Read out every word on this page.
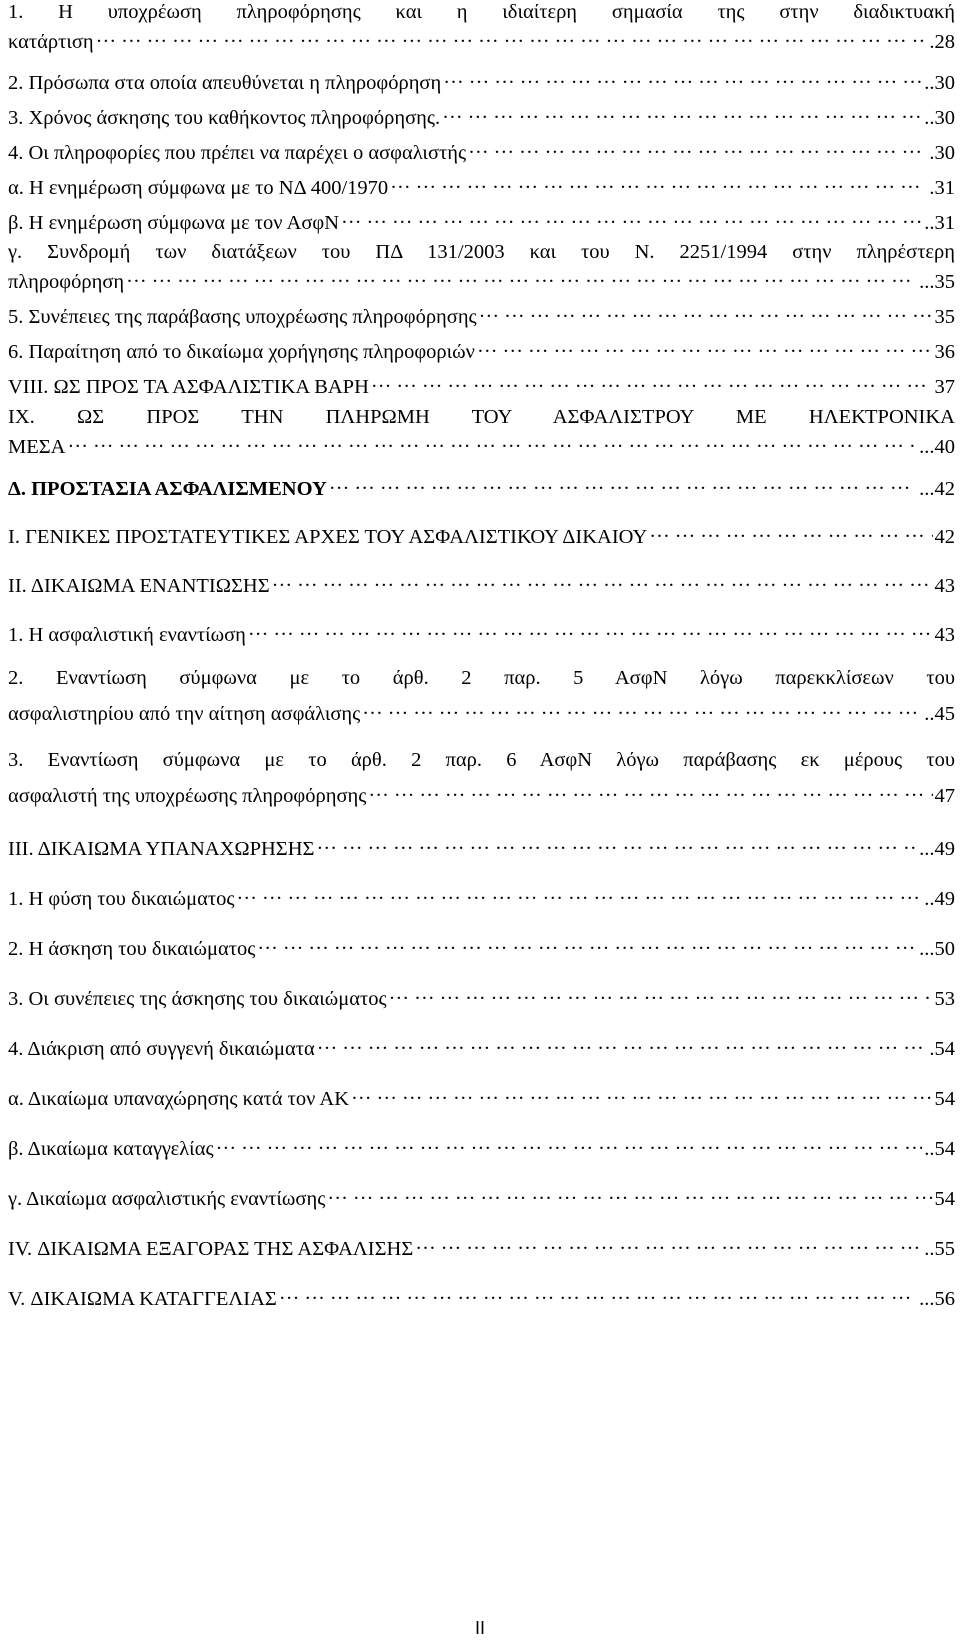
1. Η υποχρέωση πληροφόρησης και η ιδιαίτερη σημασία της στην διαδικτυακή
κατάρτιση …………………………………………………………………………………………………………………………………………………………………………………………………………………	.28
2. Πρόσωπα στα οποία απευθύνεται η πληροφόρηση …………………………………………………………………………………………………………………………………………………………………………………………………………………	..30
3. Χρόνος άσκησης του καθήκοντος πληροφόρησης. …………………………………………………………………………………………………………………………………………………………………………………………………………………	..30
4. Οι πληροφορίες που πρέπει να παρέχει ο ασφαλιστής …………………………………………………………………………………………………………………………………………………………………………………………………………………	.30
α. Η ενημέρωση σύμφωνα με το ΝΔ 400/1970 …………………………………………………………………………………………………………………………………………………………………………………………………………………	.31
β. Η ενημέρωση σύμφωνα με τον ΑσφΝ …………………………………………………………………………………………………………………………………………………………………………………………………………………	..31
γ. Συνδρομή των διατάξεων του ΠΔ 131/2003 και του Ν. 2251/1994 στην πληρέστερη
πληροφόρηση …………………………………………………………………………………………………………………………………………………………………………………………………………………	...35
5. Συνέπειες της παράβασης υποχρέωσης πληροφόρησης …………………………………………………………………………………………………………………………………………………………………………………………………………………	35
6. Παραίτηση από το δικαίωμα χορήγησης πληροφοριών …………………………………………………………………………………………………………………………………………………………………………………………………………………	36
VIII. ΩΣ ΠΡΟΣ ΤΑ ΑΣΦΑΛΙΣΤΙΚΑ ΒΑΡΗ …………………………………………………………………………………………………………………………………………………………………………………………………………………	37
IX. ΩΣ ΠΡΟΣ ΤΗΝ ΠΛΗΡΩΜΗ ΤΟΥ ΑΣΦΑΛΙΣΤΡΟΥ ΜΕ ΗΛΕΚΤΡΟΝΙΚΑ
ΜΕΣΑ …………………………………………………………………………………………………………………………………………………………………………………………………………………	...40
Δ. ΠΡΟΣΤΑΣΙΑ ΑΣΦΑΛΙΣΜΕΝΟΥ …………………………………………………………………………………………………………………………………………………………………………………………………………………	...42
Ι. ΓΕΝΙΚΕΣ ΠΡΟΣΤΑΤΕΥΤΙΚΕΣ ΑΡΧΕΣ ΤΟΥ ΑΣΦΑΛΙΣΤΙΚΟΥ ΔΙΚΑΙΟΥ …………………………………………………………………………………………………………………………………………………………………………………………………………………	42
ΙΙ. ΔΙΚΑΙΩΜΑ ΕΝΑΝΤΙΩΣΗΣ …………………………………………………………………………………………………………………………………………………………………………………………………………………	43
1. Η ασφαλιστική εναντίωση …………………………………………………………………………………………………………………………………………………………………………………………………………………	43
2. Εναντίωση σύμφωνα με το άρθ. 2 παρ. 5 ΑσφΝ λόγω παρεκκλίσεων του
ασφαλιστηρίου από την αίτηση ασφάλισης …………………………………………………………………………………………………………………………………………………………………………………………………………………	..45
3. Εναντίωση σύμφωνα με το άρθ. 2 παρ. 6 ΑσφΝ λόγω παράβασης εκ μέρους του
ασφαλιστή της υποχρέωσης πληροφόρησης …………………………………………………………………………………………………………………………………………………………………………………………………………………	47
ΙΙΙ. ΔΙΚΑΙΩΜΑ ΥΠΑΝΑΧΩΡΗΣΗΣ …………………………………………………………………………………………………………………………………………………………………………………………………………………	...49
1. Η φύση του δικαιώματος …………………………………………………………………………………………………………………………………………………………………………………………………………………	..49
2. Η άσκηση του δικαιώματος …………………………………………………………………………………………………………………………………………………………………………………………………………………	...50
3. Οι συνέπειες της άσκησης του δικαιώματος …………………………………………………………………………………………………………………………………………………………………………………………………………………	53
4. Διάκριση από συγγενή δικαιώματα …………………………………………………………………………………………………………………………………………………………………………………………………………………	.54
α. Δικαίωμα υπαναχώρησης κατά τον ΑΚ …………………………………………………………………………………………………………………………………………………………………………………………………………………	54
β. Δικαίωμα καταγγελίας …………………………………………………………………………………………………………………………………………………………………………………………………………………	..54
γ. Δικαίωμα ασφαλιστικής εναντίωσης …………………………………………………………………………………………………………………………………………………………………………………………………………………	54
IV. ΔΙΚΑΙΩΜΑ ΕΞΑΓΟΡΑΣ ΤΗΣ ΑΣΦΑΛΙΣΗΣ …………………………………………………………………………………………………………………………………………………………………………………………………………………	..55
V. ΔΙΚΑΙΩΜΑ ΚΑΤΑΓΓΕΛΙΑΣ …………………………………………………………………………………………………………………………………………………………………………………………………………………	...56
II
